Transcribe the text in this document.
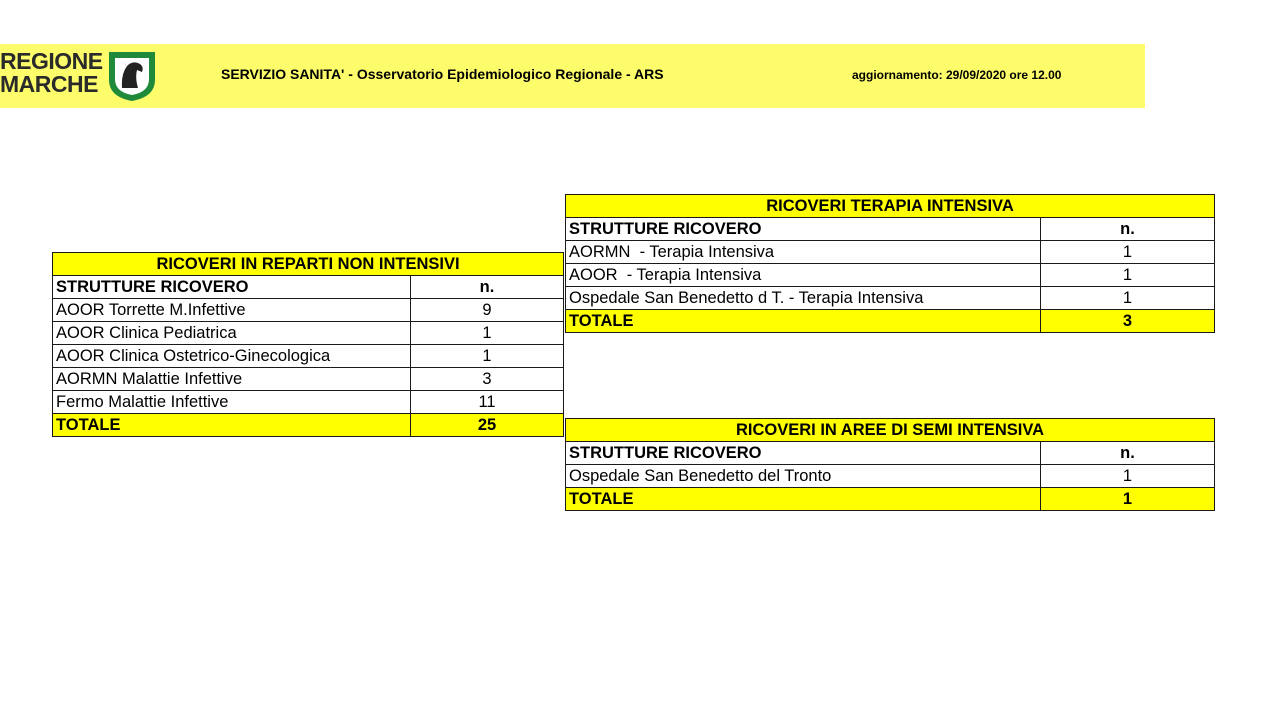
REGIONE
MARCHE	SERVIZIO SANITA' - Osservatorio Epidemiologico Regionale - ARS	aggiornamento: 29/09/2020 ore 12.00
RICOVERI IN REPARTI NON INTENSIVI	
STRUTTURE RICOVERO	n.
AOOR Torrette M.Infettive	9
AOOR Clinica Pediatrica	1
AOOR Clinica Ostetrico-Ginecologica	1
AORMN Malattie Infettive	3
Fermo Malattie Infettive	11
TOTALE	25
RICOVERI TERAPIA INTENSIVA	
STRUTTURE RICOVERO	n.
AORMN  - Terapia Intensiva	1
AOOR  - Terapia Intensiva	1
Ospedale San Benedetto d T. - Terapia Intensiva	1
TOTALE	3
RICOVERI IN AREE DI SEMI INTENSIVA	
STRUTTURE RICOVERO	n.
Ospedale San Benedetto del Tronto	1
TOTALE	1
